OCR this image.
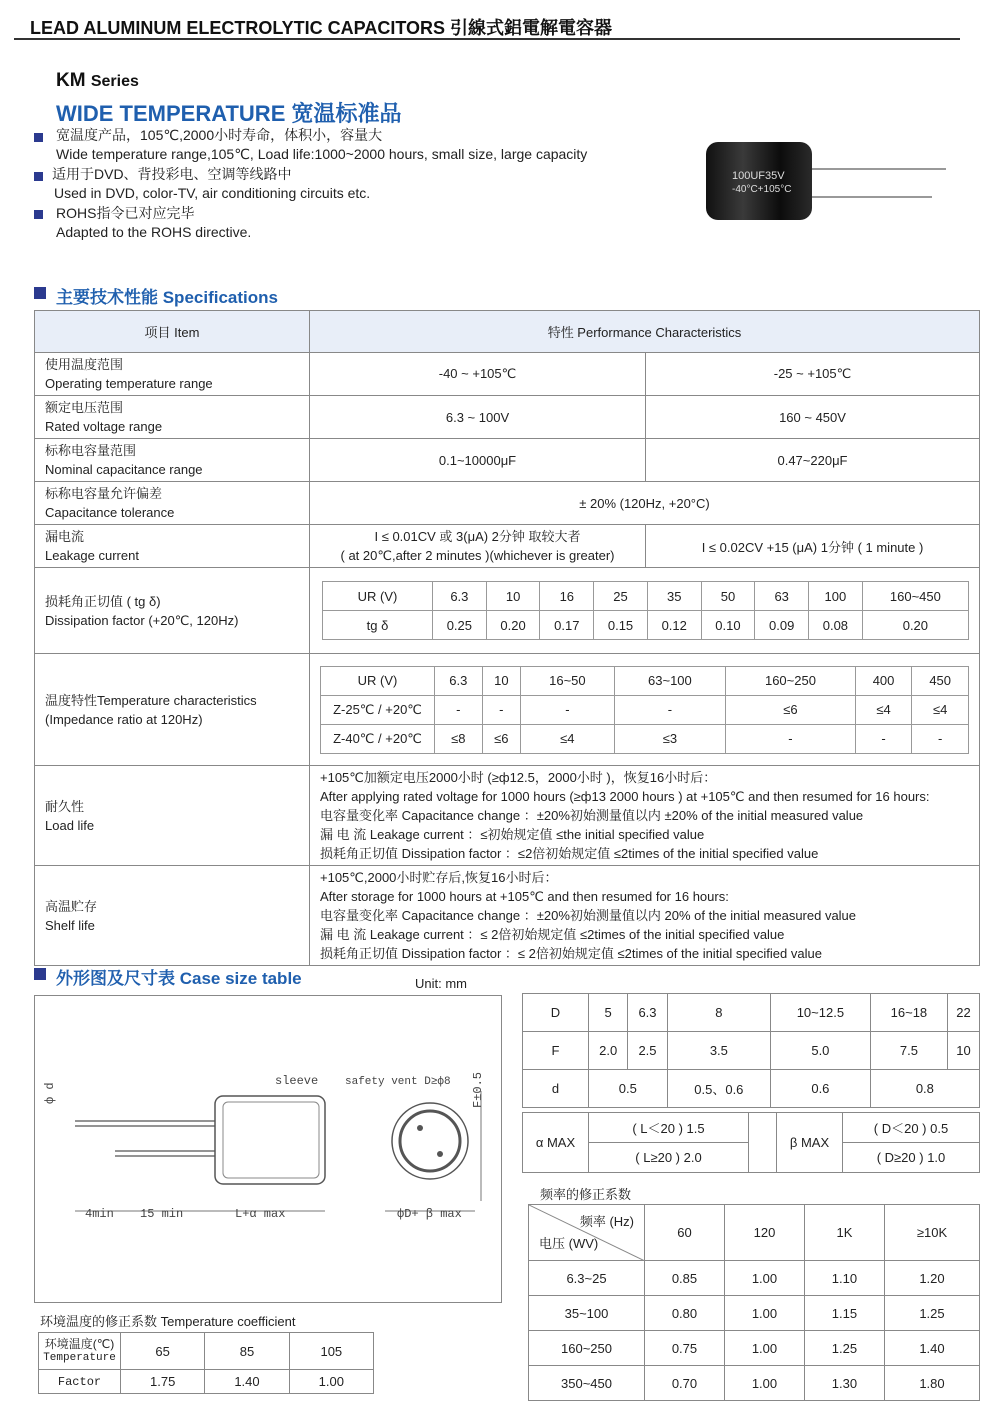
LEAD ALUMINUM ELECTROLYTIC CAPACITORS 引線式鋁電解電容器
KM Series
WIDE TEMPERATURE 宽温标准品
宽温度产品，105℃,2000小时寿命，体积小，容量大
Wide temperature range,105℃, Load life:1000~2000 hours, small size, large capacity
适用于DVD、背投彩电、空调等线路中
Used in DVD, color-TV, air conditioning circuits etc.
ROHS指令已对应完毕
Adapted to the ROHS directive.
100UF35V
-40°C+105°C
主要技术性能 Specifications
项目 Item	特性 Performance Characteristics

使用温度范围
Operating temperature range
	-40 ~ +105℃	-25 ~ +105℃

额定电压范围
Rated voltage range
	6.3 ~ 100V	160 ~ 450V

标称电容量范围
Nominal capacitance range
	0.1~10000μF	0.47~220μF

标称电容量允许偏差
Capacitance tolerance
	± 20% (120Hz, +20°C)

漏电流
Leakage current

I ≤ 0.01CV 或 3(μA) 2分钟 取较大者
( at 20℃,after 2 minutes )(whichever is greater)
	I ≤ 0.02CV +15 (μA) 1分钟 ( 1 minute )

损耗角正切值 ( tg δ)
Dissipation factor (+20℃, 120Hz)

UR (V)	6.3	10	16	25	35	50	63	100	160~450
tg δ	0.25	0.20	0.17	0.15	0.12	0.10	0.09	0.08	0.20

温度特性Temperature characteristics
(Impedance ratio at 120Hz)

UR (V)	6.3	10	16~50	63~100	160~250	400	450
Z-25℃ / +20℃	-	-	-	-	≤6	≤4	≤4
Z-40℃ / +20℃	≤8	≤6	≤4	≤3	-	-	-

耐久性
Load life

+105℃加额定电压2000小时 (≥ф12.5，2000小时 )，恢复16小时后：
After applying rated voltage for 1000 hours (≥ф13 2000 hours ) at +105℃ and then resumed for 16 hours:
电容量变化率 Capacitance change ：±20%初始测量值以内 ±20% of the initial measured value
漏 电 流 Leakage current ：≤初始规定值 ≤the initial specified value
损耗角正切值 Dissipation factor ：≤2倍初始规定值 ≤2times of the initial specified value

高温贮存
Shelf life

+105℃,2000小时贮存后,恢复16小时后：
After storage for 1000 hours at +105℃ and then resumed for 16 hours:
电容量变化率 Capacitance change ：±20%初始测量值以内 20% of the initial measured value
漏 电 流 Leakage current ：≤ 2倍初始规定值 ≤2times of the initial specified value
损耗角正切值 Dissipation factor ：≤ 2倍初始规定值 ≤2times of the initial specified value
外形图及尺寸表 Case size table	Unit: mm
ф d
sleeve safety vent D≥ф8 F±0.5
4min 15 min	L+α max	фD+ β max
D	5	6.3	8	10~12.5	16~18	22
F	2.0	2.5	3.5	5.0	7.5	10
d	0.5		0.5、0.6	0.6	0.8	
α MAX	( L＜20 ) 1.5		β MAX	( D＜20 ) 0.5
	( L≥20 ) 2.0			( D≥20 ) 1.0
频率的修正系数
频率 (Hz)
电压 (WV)	60	120	1K	≥10K
6.3~25	0.85	1.00	1.10	1.20
35~100	0.80	1.00	1.15	1.25
160~250	0.75	1.00	1.25	1.40
350~450	0.70	1.00	1.30	1.80
环境温度的修正系数 Temperature coefficient
环境温度(℃)
Temperature	65	85	105
Factor	1.75	1.40	1.00
